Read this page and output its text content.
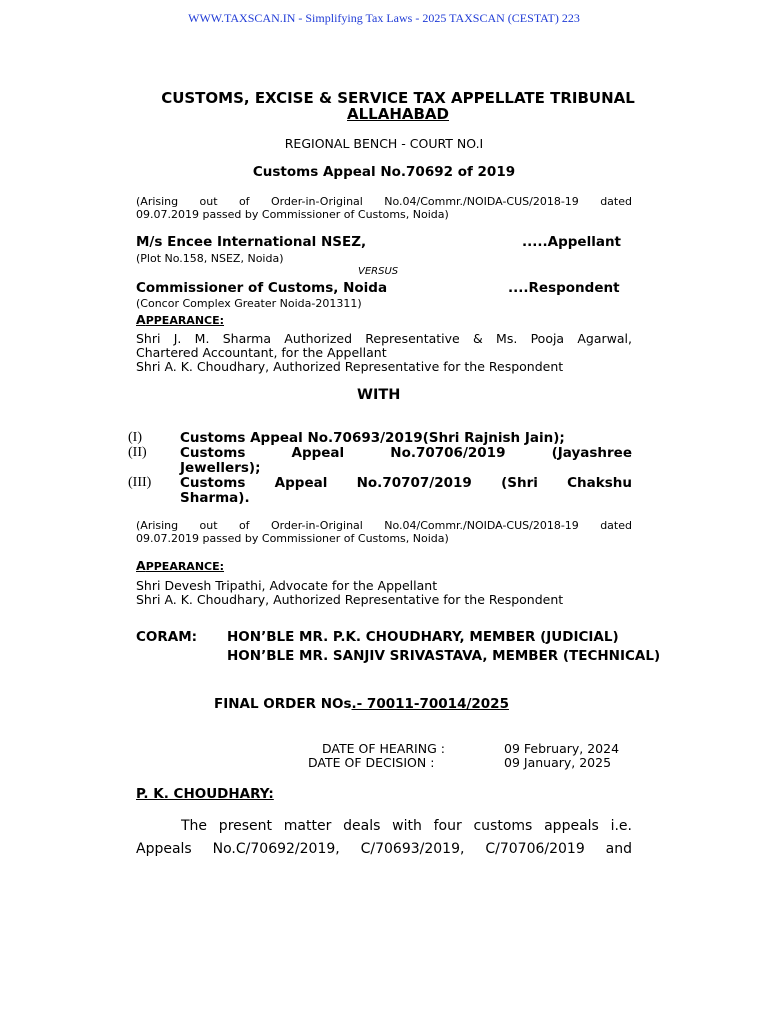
WWW.TAXSCAN.IN - Simplifying Tax Laws - 2025 TAXSCAN (CESTAT) 223
CUSTOMS, EXCISE & SERVICE TAX APPELLATE TRIBUNAL
ALLAHABAD
REGIONAL BENCH - COURT NO.I
Customs Appeal No.70692 of 2019
(Arising out of Order-in-Original No.04/Commr./NOIDA-CUS/2018-19 dated
09.07.2019 passed by Commissioner of Customs, Noida)
M/s Encee International NSEZ,	.....Appellant
(Plot No.158, NSEZ, Noida)
VERSUS
Commissioner of Customs, Noida	....Respondent
(Concor Complex Greater Noida-201311)
APPEARANCE:
Shri J. M. Sharma Authorized Representative & Ms. Pooja Agarwal,
Chartered Accountant, for the Appellant
Shri A. K. Choudhary, Authorized Representative for the Respondent
WITH
(I)	Customs Appeal No.70693/2019(Shri Rajnish Jain);
(II) Customs      Appeal      No.70706/2019      (Jayashree
Jewellers);
(III) Customs    Appeal    No.70707/2019    (Shri    Chakshu
Sharma).
(Arising out of Order-in-Original No.04/Commr./NOIDA-CUS/2018-19 dated
09.07.2019 passed by Commissioner of Customs, Noida)
APPEARANCE:
Shri Devesh Tripathi, Advocate for the Appellant
Shri A. K. Choudhary, Authorized Representative for the Respondent
CORAM: HON’BLE MR. P.K. CHOUDHARY, MEMBER (JUDICIAL)
HON’BLE MR. SANJIV SRIVASTAVA, MEMBER (TECHNICAL)
FINAL ORDER NOs.- 70011-70014/2025
DATE OF HEARING :	09 February, 2024
DATE OF DECISION :	09 January, 2025
P. K. CHOUDHARY:
The present matter deals with four customs appeals i.e.
Appeals No.C/70692/2019, C/70693/2019, C/70706/2019 and
